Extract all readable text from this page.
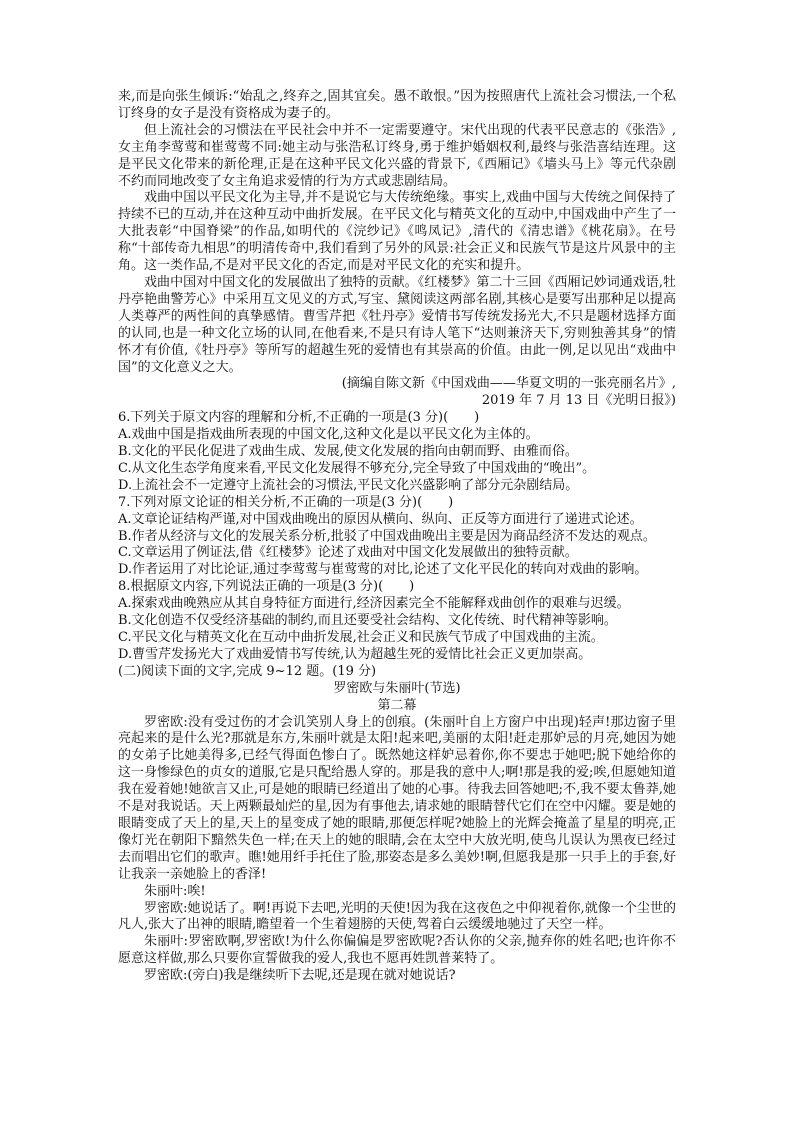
来,而是向张生倾诉:“始乱之,终弃之,固其宜矣。愚不敢恨。”因为按照唐代上流社会习惯法,一个私订终身的女子是没有资格成为妻子的。

但上流社会的习惯法在平民社会中并不一定需要遵守。宋代出现的代表平民意志的《张浩》,女主角李莺莺和崔莺莺不同:她主动与张浩私订终身,勇于维护婚姻权利,最终与张浩喜结连理。这是平民文化带来的新伦理,正是在这种平民文化兴盛的背景下,《西厢记》《墙头马上》等元代杂剧不约而同地改变了女主角追求爱情的行为方式或悲剧结局。

戏曲中国以平民文化为主导,并不是说它与大传统绝缘。事实上,戏曲中国与大传统之间保持了持续不已的互动,并在这种互动中曲折发展。在平民文化与精英文化的互动中,中国戏曲中产生了一大批表彰“中国脊梁”的作品,如明代的《浣纱记》《鸣凤记》,清代的《清忠谱》《桃花扇》。在号称“十部传奇九相思”的明清传奇中,我们看到了另外的风景:社会正义和民族气节是这片风景中的主角。这一类作品,不是对平民文化的否定,而是对平民文化的充实和提升。

戏曲中国对中国文化的发展做出了独特的贡献。《红楼梦》第二十三回《西厢记妙词通戏语,牡丹亭艳曲警芳心》中采用互文见义的方式,写宝、黛阅读这两部名剧,其核心是要写出那种足以提高人类尊严的两性间的真挚感情。曹雪芹把《牡丹亭》爱情书写传统发扬光大,不只是题材选择方面的认同,也是一种文化立场的认同,在他看来,不是只有诗人笔下“达则兼济天下,穷则独善其身”的情怀才有价值,《牡丹亭》等所写的超越生死的爱情也有其崇高的价值。由此一例,足以见出“戏曲中国”的文化意义之大。

(摘编自陈文新《中国戏曲——华夏文明的一张亮丽名片》,

2019 年 7 月 13 日《光明日报》)

6.下列关于原文内容的理解和分析,不正确的一项是(3 分)(　　)

A.戏曲中国是指戏曲所表现的中国文化,这种文化是以平民文化为主体的。

B.文化的平民化促进了戏曲生成、发展,使文化发展的指向由朝而野、由雅而俗。

C.从文化生态学角度来看,平民文化发展得不够充分,完全导致了中国戏曲的“晚出”。

D.上流社会不一定遵守上流社会的习惯法,平民文化兴盛影响了部分元杂剧结局。

7.下列对原文论证的相关分析,不正确的一项是(3 分)(　　)

A.文章论证结构严谨,对中国戏曲晚出的原因从横向、纵向、正反等方面进行了递进式论述。

B.作者从经济与文化的发展关系分析,批驳了中国戏曲晚出主要是因为商品经济不发达的观点。

C.文章运用了例证法,借《红楼梦》论述了戏曲对中国文化发展做出的独特贡献。

D.作者运用了对比论证,通过李莺莺与崔莺莺的对比,论述了文化平民化的转向对戏曲的影响。

8.根据原文内容,下列说法正确的一项是(3 分)(　　)

A.探索戏曲晚熟应从其自身特征方面进行,经济因素完全不能解释戏曲创作的艰难与迟缓。

B.文化创造不仅受经济基础的制约,而且还要受社会结构、文化传统、时代精神等影响。

C.平民文化与精英文化在互动中曲折发展,社会正义和民族气节成了中国戏曲的主流。

D.曹雪芹发扬光大了戏曲爱情书写传统,认为超越生死的爱情比社会正义更加崇高。

(二)阅读下面的文字,完成 9~12 题。(19 分)

罗密欧与朱丽叶(节选)

第二幕

罗密欧:没有受过伤的才会讥笑别人身上的创痕。(朱丽叶自上方窗户中出现)轻声!那边窗子里亮起来的是什么光?那就是东方,朱丽叶就是太阳!起来吧,美丽的太阳!赶走那妒忌的月亮,她因为她的女弟子比她美得多,已经气得面色惨白了。既然她这样妒忌着你,你不要忠于她吧;脱下她给你的这一身惨绿色的贞女的道服,它是只配给愚人穿的。那是我的意中人;啊!那是我的爱;唉,但愿她知道我在爱着她!她欲言又止,可是她的眼睛已经道出了她的心事。待我去回答她吧;不,我不要太鲁莽,她不是对我说话。天上两颗最灿烂的星,因为有事他去,请求她的眼睛替代它们在空中闪耀。要是她的眼睛变成了天上的星,天上的星变成了她的眼睛,那便怎样呢?她脸上的光辉会掩盖了星星的明亮,正像灯光在朝阳下黯然失色一样;在天上的她的眼睛,会在太空中大放光明,使鸟儿误认为黑夜已经过去而唱出它们的歌声。瞧!她用纤手托住了脸,那姿态是多么美妙!啊,但愿我是那一只手上的手套,好让我亲一亲她脸上的香泽!

朱丽叶:唉!

罗密欧:她说话了。啊!再说下去吧,光明的天使!因为我在这夜色之中仰视着你,就像一个尘世的凡人,张大了出神的眼睛,瞻望着一个生着翅膀的天使,驾着白云缓缓地驰过了天空一样。

朱丽叶:罗密欧啊,罗密欧!为什么你偏偏是罗密欧呢?否认你的父亲,抛弃你的姓名吧;也许你不愿意这样做,那么只要你宣誓做我的爱人,我也不愿再姓凯普莱特了。

罗密欧:(旁白)我是继续听下去呢,还是现在就对她说话?
